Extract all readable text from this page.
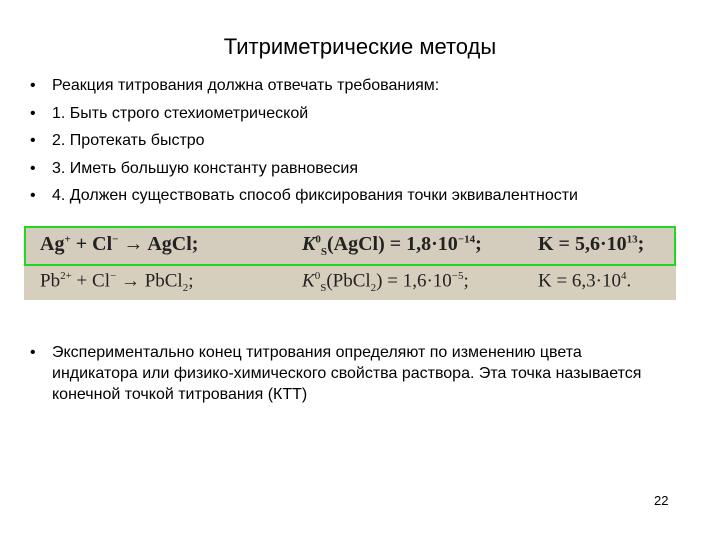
Титриметрические методы
• Реакция титрования должна отвечать требованиям:
• 1. Быть строго стехиометрической
• 2. Протекать быстро
• 3. Иметь большую константу равновесия
• 4. Должен существовать способ фиксирования точки эквивалентности
Ag+ + Cl− → AgCl;	$K^0_S(AgCl) = 1,8\cdot 10^{-14}$;	$K = 5,6\cdot 10^{13}$;
$Pb^{2+} + Cl^-$ → PbCl$_2$;	$K^0_S(PbCl_2) = 1,6\cdot 10^{-5}$;	$K = 6,3\cdot 10^4$.
• Экспериментально конец титрования определяют по изменению цвета индикатора или физико-химического свойства раствора. Эта точка называется конечной точкой титрования (КТТ)
22
